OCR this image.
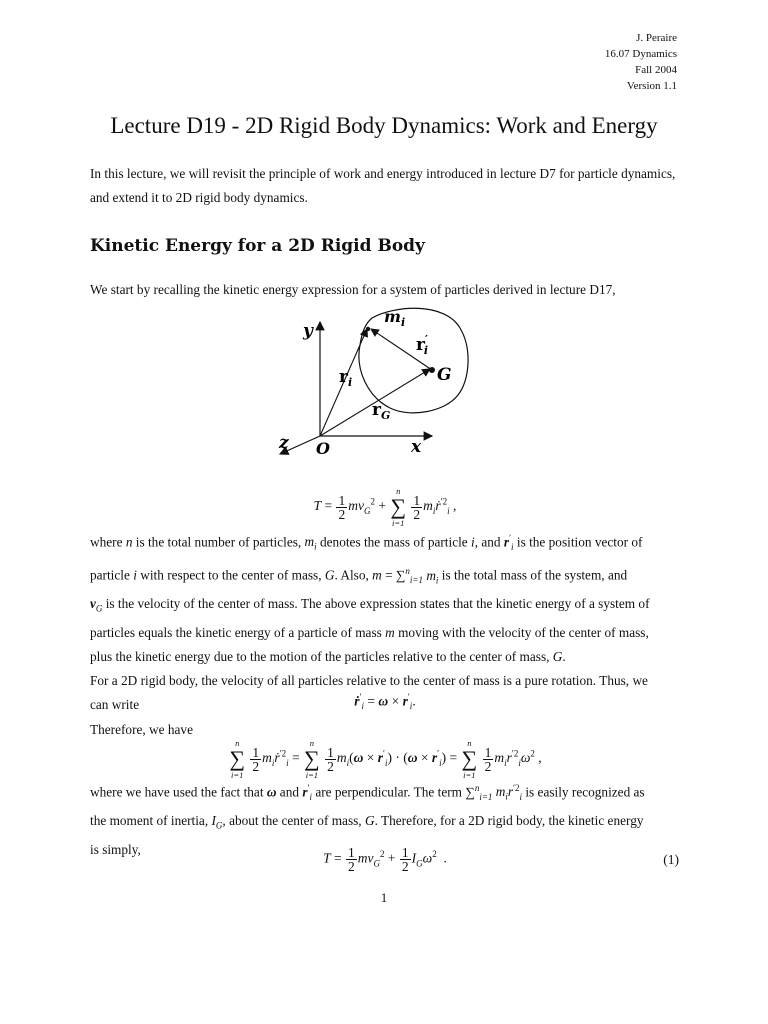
J. Peraire
16.07 Dynamics
Fall 2004
Version 1.1
Lecture D19 - 2D Rigid Body Dynamics: Work and Energy

In this lecture, we will revisit the principle of work and energy introduced in lecture D7 for particle dynamics,
and extend it to 2D rigid body dynamics.

Kinetic Energy for a 2D Rigid Body

We start by recalling the kinetic energy expression for a system of particles derived in lecture D17,

y
x
z O
$m_i$
G
$r_i$
$r_G$
r′ i
$T = \frac{1}{2} mv_G^2$ +
n
∑
i=1

$\frac{1}{2}$ $m_iṙ^{'2}_i$ ,

where n is the total number of particles, $m_i$ denotes the mass of particle i, and $r'_i$ is the position vector of
particle i with respect to the center of mass, G. Also, m = ∑$^n_{i=1}$ $m_i$ is the total mass of the system, and
$v_G$ is the velocity of the center of mass. The above expression states that the kinetic energy of a system of
particles equals the kinetic energy of a particle of mass m moving with the velocity of the center of mass,
plus the kinetic energy due to the motion of the particles relative to the center of mass, G.
For a 2D rigid body, the velocity of all particles relative to the center of mass is a pure rotation. Thus, we
can write	ṙ′$_i$ = $\omega \times r'_i$.

Therefore, we have

n
∑
i=1

$\frac{1}{2}$ $m_iṙ^{'2}_i$ =
n
∑
i=1

$\frac{1}{2} m_i(\omega \times r'_i) \cdot (\omega \times r'_i)$ =
n
∑
i=1

$\frac{1}{2} m_ir^{'2}_i\omega^2$ ,

where we have used the fact that ω and $r'_i$ are perpendicular. The term ∑$^n_{i=1}$ $m_ir^{'2}_i$ is easily recognized as
the moment of inertia, $I_G$, about the center of mass, G. Therefore, for a 2D rigid body, the kinetic energy
is simply,

$T = \frac{1}{2} mv_G^2 + \frac{1}{2} I_G\omega^2$  .	(1)
1
